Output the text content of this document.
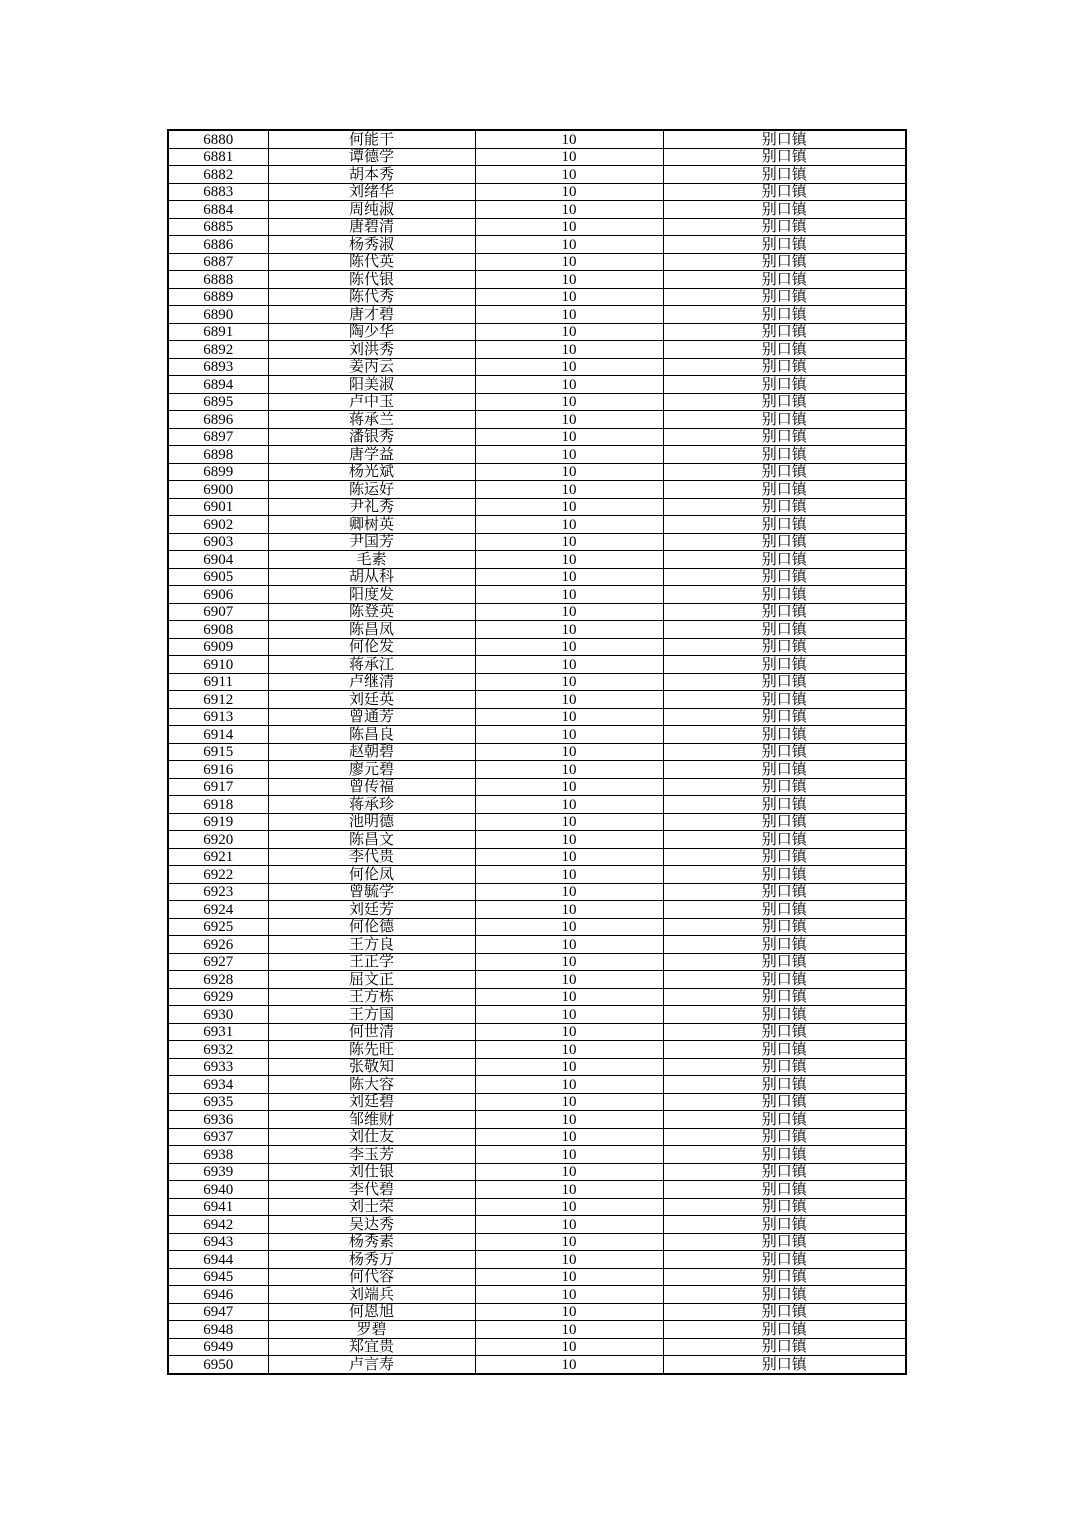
6880	何能干	10	别口镇
6881	谭德学	10	别口镇
6882	胡本秀	10	别口镇
6883	刘绪华	10	别口镇
6884	周纯淑	10	别口镇
6885	唐碧清	10	别口镇
6886	杨秀淑	10	别口镇
6887	陈代英	10	别口镇
6888	陈代银	10	别口镇
6889	陈代秀	10	别口镇
6890	唐才碧	10	别口镇
6891	陶少华	10	别口镇
6892	刘洪秀	10	别口镇
6893	姜丙云	10	别口镇
6894	阳美淑	10	别口镇
6895	卢中玉	10	别口镇
6896	蒋承兰	10	别口镇
6897	潘银秀	10	别口镇
6898	唐学益	10	别口镇
6899	杨光斌	10	别口镇
6900	陈运好	10	别口镇
6901	尹礼秀	10	别口镇
6902	卿树英	10	别口镇
6903	尹国芳	10	别口镇
6904	毛素	10	别口镇
6905	胡从科	10	别口镇
6906	阳度发	10	别口镇
6907	陈登英	10	别口镇
6908	陈昌凤	10	别口镇
6909	何伦发	10	别口镇
6910	蒋承江	10	别口镇
6911	卢继清	10	别口镇
6912	刘廷英	10	别口镇
6913	曾通芳	10	别口镇
6914	陈昌良	10	别口镇
6915	赵朝碧	10	别口镇
6916	廖元碧	10	别口镇
6917	曾传福	10	别口镇
6918	蒋承珍	10	别口镇
6919	池明德	10	别口镇
6920	陈昌文	10	别口镇
6921	李代贵	10	别口镇
6922	何伦凤	10	别口镇
6923	曾毓学	10	别口镇
6924	刘廷芳	10	别口镇
6925	何伦德	10	别口镇
6926	王方良	10	别口镇
6927	王正学	10	别口镇
6928	屈文正	10	别口镇
6929	王方栋	10	别口镇
6930	王方国	10	别口镇
6931	何世清	10	别口镇
6932	陈先旺	10	别口镇
6933	张敬知	10	别口镇
6934	陈大容	10	别口镇
6935	刘廷碧	10	别口镇
6936	邹维财	10	别口镇
6937	刘仕友	10	别口镇
6938	李玉芳	10	别口镇
6939	刘仕银	10	别口镇
6940	李代碧	10	别口镇
6941	刘士荣	10	别口镇
6942	吴达秀	10	别口镇
6943	杨秀素	10	别口镇
6944	杨秀万	10	别口镇
6945	何代容	10	别口镇
6946	刘端兵	10	别口镇
6947	何恩旭	10	别口镇
6948	罗碧	10	别口镇
6949	郑宜贵	10	别口镇
6950	卢言寿	10	别口镇
